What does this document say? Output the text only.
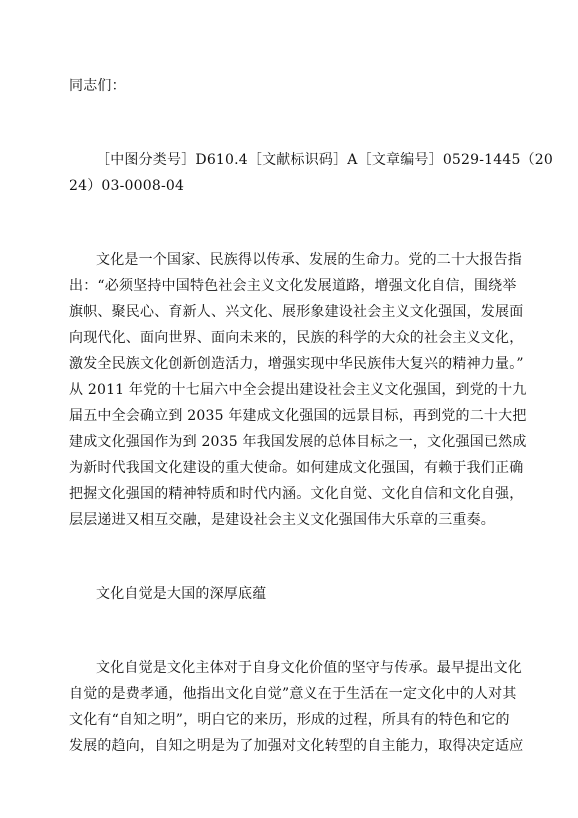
同志们：
［中图分类号］D610.4［文献标识码］A［文章编号］0529-1445（20
24）03-0008-04
文化是一个国家、民族得以传承、发展的生命力。党的二十大报告指
出：“必须坚持中国特色社会主义文化发展道路，增强文化自信，围绕举
旗帜、聚民心、育新人、兴文化、展形象建设社会主义文化强国，发展面
向现代化、面向世界、面向未来的，民族的科学的大众的社会主义文化，
激发全民族文化创新创造活力，增强实现中华民族伟大复兴的精神力量。”
从 2011 年党的十七届六中全会提出建设社会主义文化强国，到党的十九
届五中全会确立到 2035 年建成文化强国的远景目标，再到党的二十大把
建成文化强国作为到 2035 年我国发展的总体目标之一，文化强国已然成
为新时代我国文化建设的重大使命。如何建成文化强国，有赖于我们正确
把握文化强国的精神特质和时代内涵。文化自觉、文化自信和文化自强，
层层递进又相互交融，是建设社会主义文化强国伟大乐章的三重奏。
文化自觉是大国的深厚底蕴
文化自觉是文化主体对于自身文化价值的坚守与传承。最早提出文化
自觉的是费孝通，他指出文化自觉”意义在于生活在一定文化中的人对其
文化有“自知之明”，明白它的来历，形成的过程，所具有的特色和它的
发展的趋向，自知之明是为了加强对文化转型的自主能力，取得决定适应
